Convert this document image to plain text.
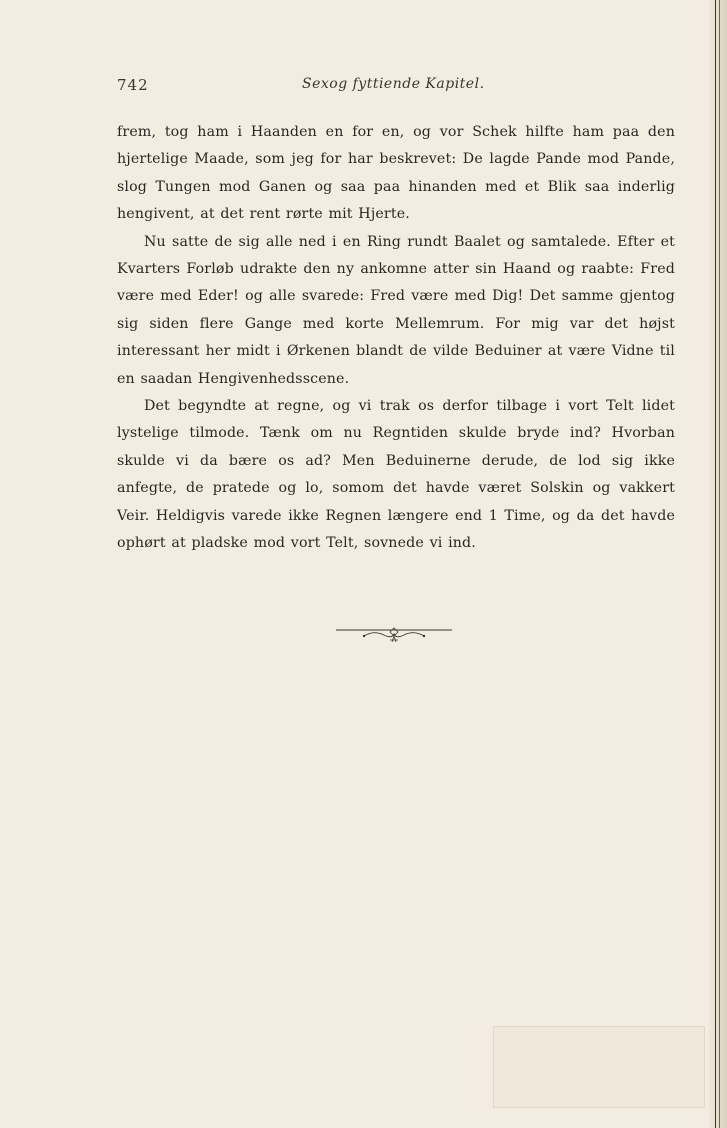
742	Sexog fyttiende Kapitel.

frem, tog ham i Haanden en for en, og vor Schek hilfte ham paa den hjertelige Maade, som jeg for har beskrevet: De lagde Pande mod Pande, slog Tungen mod Ganen og saa paa hinanden med et Blik saa inderlig hengivent, at det rent rørte mit Hjerte.

Nu satte de sig alle ned i en Ring rundt Baalet og samtalede. Efter et Kvarters Forløb udrakte den ny ankomne atter sin Haand og raabte: Fred være med Eder! og alle svarede: Fred være med Dig! Det samme gjentog sig siden flere Gange med korte Mellemrum. For mig var det højst interessant her midt i Ørkenen blandt de vilde Beduiner at være Vidne til en saadan Hengivenhedsscene.

Det begyndte at regne, og vi trak os derfor tilbage i vort Telt lidet lystelige tilmode. Tænk om nu Regntiden skulde bryde ind? Hvorban skulde vi da bære os ad? Men Beduinerne derude, de lod sig ikke anfegte, de pratede og lo, somom det havde været Solskin og vakkert Veir. Heldigvis varede ikke Regnen længere end 1 Time, og da det havde ophørt at pladske mod vort Telt, sovnede vi ind.
